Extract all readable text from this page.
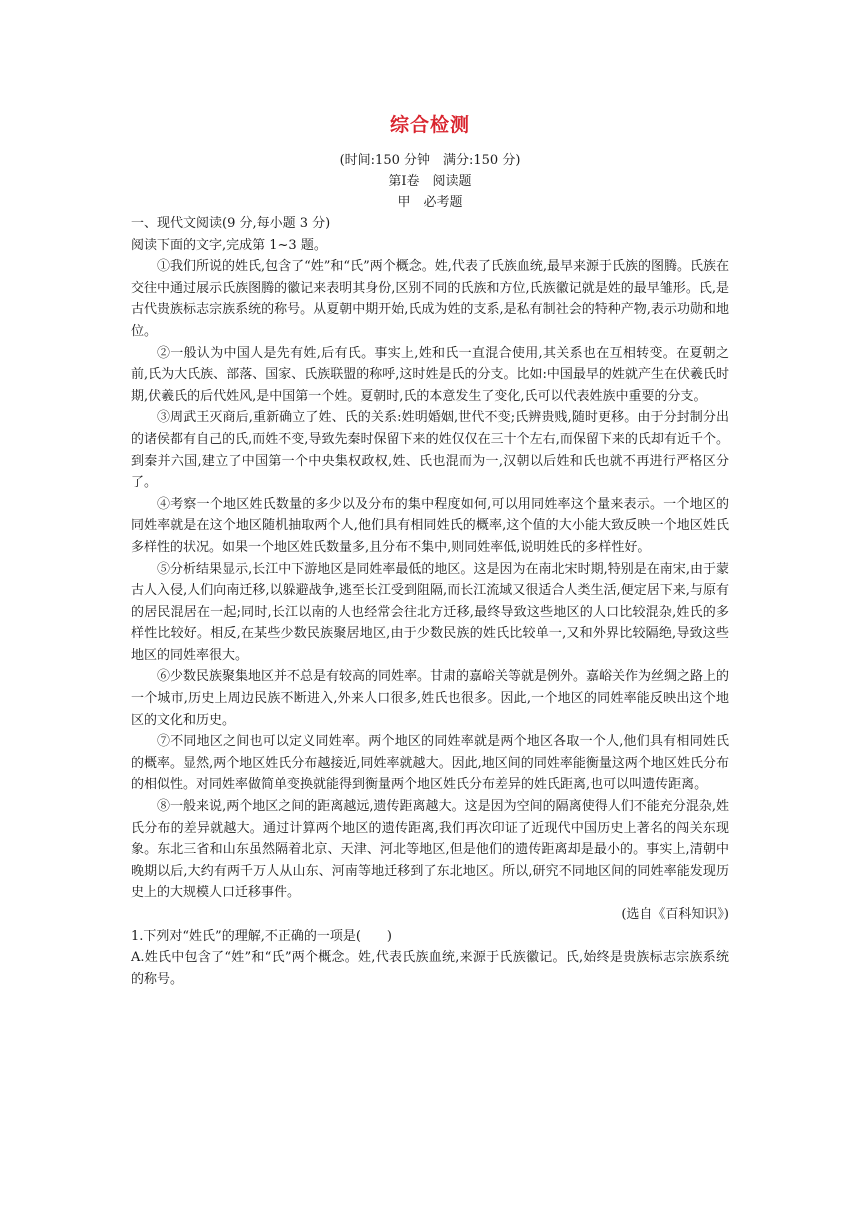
综合检测

(时间:150 分钟　满分:150 分)

第Ⅰ卷　阅读题

甲　必考题

一、现代文阅读(9 分,每小题 3 分)

阅读下面的文字,完成第 1~3 题。

①我们所说的姓氏,包含了“姓”和“氏”两个概念。姓,代表了氏族血统,最早来源于氏族的图腾。氏族在交往中通过展示氏族图腾的徽记来表明其身份,区别不同的氏族和方位,氏族徽记就是姓的最早雏形。氏,是古代贵族标志宗族系统的称号。从夏朝中期开始,氏成为姓的支系,是私有制社会的特种产物,表示功勋和地位。

②一般认为中国人是先有姓,后有氏。事实上,姓和氏一直混合使用,其关系也在互相转变。在夏朝之前,氏为大氏族、部落、国家、氏族联盟的称呼,这时姓是氏的分支。比如:中国最早的姓就产生在伏羲氏时期,伏羲氏的后代姓风,是中国第一个姓。夏朝时,氏的本意发生了变化,氏可以代表姓族中重要的分支。

③周武王灭商后,重新确立了姓、氏的关系:姓明婚姻,世代不变;氏辨贵贱,随时更移。由于分封制分出的诸侯都有自己的氏,而姓不变,导致先秦时保留下来的姓仅仅在三十个左右,而保留下来的氏却有近千个。到秦并六国,建立了中国第一个中央集权政权,姓、氏也混而为一,汉朝以后姓和氏也就不再进行严格区分了。

④考察一个地区姓氏数量的多少以及分布的集中程度如何,可以用同姓率这个量来表示。一个地区的同姓率就是在这个地区随机抽取两个人,他们具有相同姓氏的概率,这个值的大小能大致反映一个地区姓氏多样性的状况。如果一个地区姓氏数量多,且分布不集中,则同姓率低,说明姓氏的多样性好。

⑤分析结果显示,长江中下游地区是同姓率最低的地区。这是因为在南北宋时期,特别是在南宋,由于蒙古人入侵,人们向南迁移,以躲避战争,逃至长江受到阻隔,而长江流域又很适合人类生活,便定居下来,与原有的居民混居在一起;同时,长江以南的人也经常会往北方迁移,最终导致这些地区的人口比较混杂,姓氏的多样性比较好。相反,在某些少数民族聚居地区,由于少数民族的姓氏比较单一,又和外界比较隔绝,导致这些地区的同姓率很大。

⑥少数民族聚集地区并不总是有较高的同姓率。甘肃的嘉峪关等就是例外。嘉峪关作为丝绸之路上的一个城市,历史上周边民族不断进入,外来人口很多,姓氏也很多。因此,一个地区的同姓率能反映出这个地区的文化和历史。

⑦不同地区之间也可以定义同姓率。两个地区的同姓率就是两个地区各取一个人,他们具有相同姓氏的概率。显然,两个地区姓氏分布越接近,同姓率就越大。因此,地区间的同姓率能衡量这两个地区姓氏分布的相似性。对同姓率做简单变换就能得到衡量两个地区姓氏分布差异的姓氏距离,也可以叫遗传距离。

⑧一般来说,两个地区之间的距离越远,遗传距离越大。这是因为空间的隔离使得人们不能充分混杂,姓氏分布的差异就越大。通过计算两个地区的遗传距离,我们再次印证了近现代中国历史上著名的闯关东现象。东北三省和山东虽然隔着北京、天津、河北等地区,但是他们的遗传距离却是最小的。事实上,清朝中晚期以后,大约有两千万人从山东、河南等地迁移到了东北地区。所以,研究不同地区间的同姓率能发现历史上的大规模人口迁移事件。

(选自《百科知识》)

1.下列对“姓氏”的理解,不正确的一项是(　　)

A.姓氏中包含了“姓”和“氏”两个概念。姓,代表氏族血统,来源于氏族徽记。氏,始终是贵族标志宗族系统的称号。
